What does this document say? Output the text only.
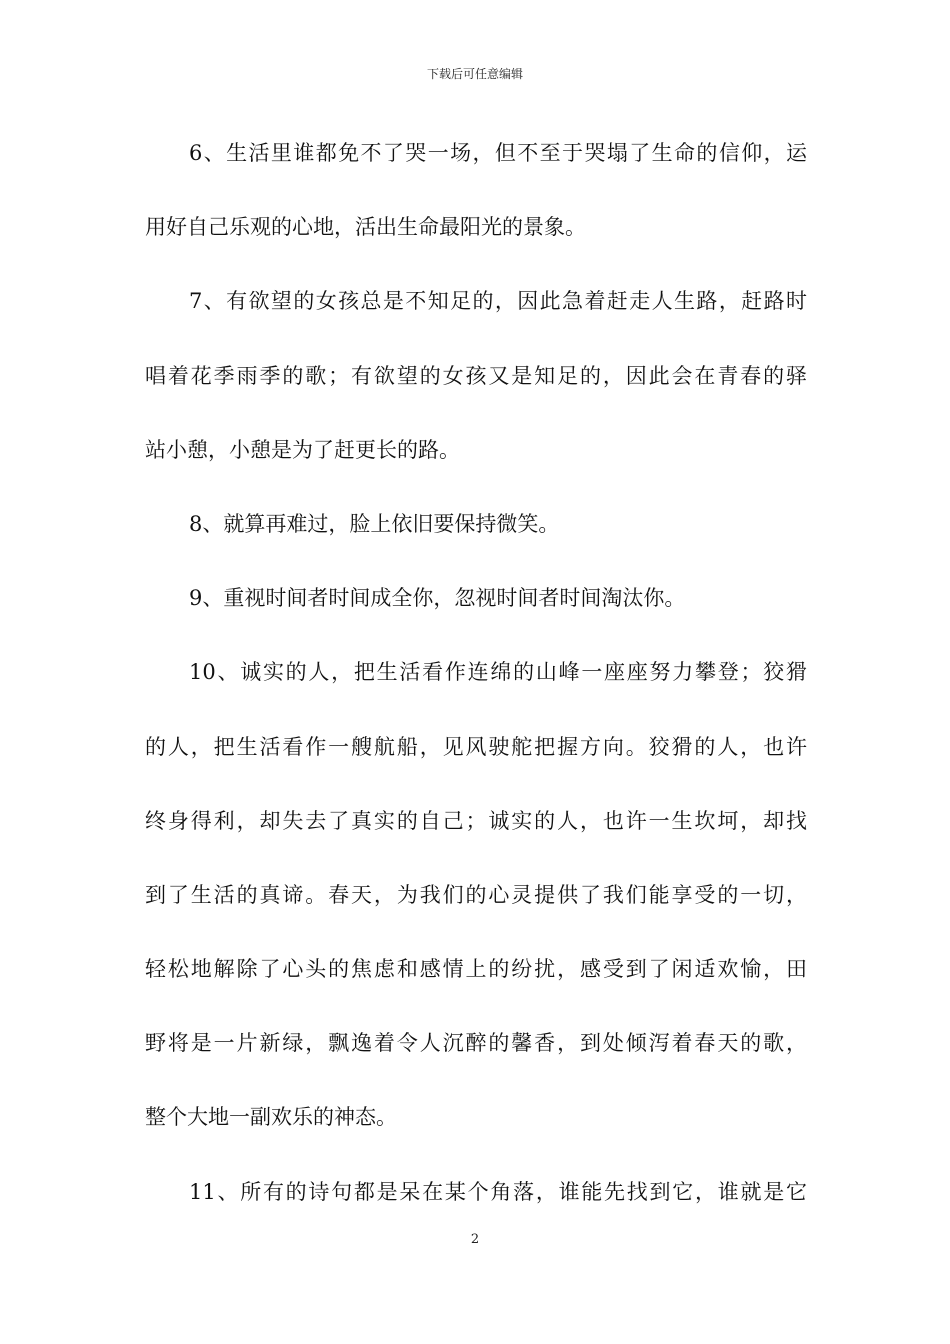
下载后可任意编辑
6、生活里谁都免不了哭一场，但不至于哭塌了生命的信仰，运
用好自己乐观的心地，活出生命最阳光的景象。
7、有欲望的女孩总是不知足的，因此急着赶走人生路，赶路时
唱着花季雨季的歌；有欲望的女孩又是知足的，因此会在青春的驿
站小憩，小憩是为了赶更长的路。
8、就算再难过，脸上依旧要保持微笑。
9、重视时间者时间成全你，忽视时间者时间淘汰你。
10、诚实的人，把生活看作连绵的山峰一座座努力攀登；狡猾
的人，把生活看作一艘航船，见风驶舵把握方向。狡猾的人，也许
终身得利，却失去了真实的自己；诚实的人，也许一生坎坷，却找
到了生活的真谛。春天，为我们的心灵提供了我们能享受的一切，
轻松地解除了心头的焦虑和感情上的纷扰，感受到了闲适欢愉，田
野将是一片新绿，飘逸着令人沉醉的馨香，到处倾泻着春天的歌，
整个大地一副欢乐的神态。
11、所有的诗句都是呆在某个角落，谁能先找到它，谁就是它
2
